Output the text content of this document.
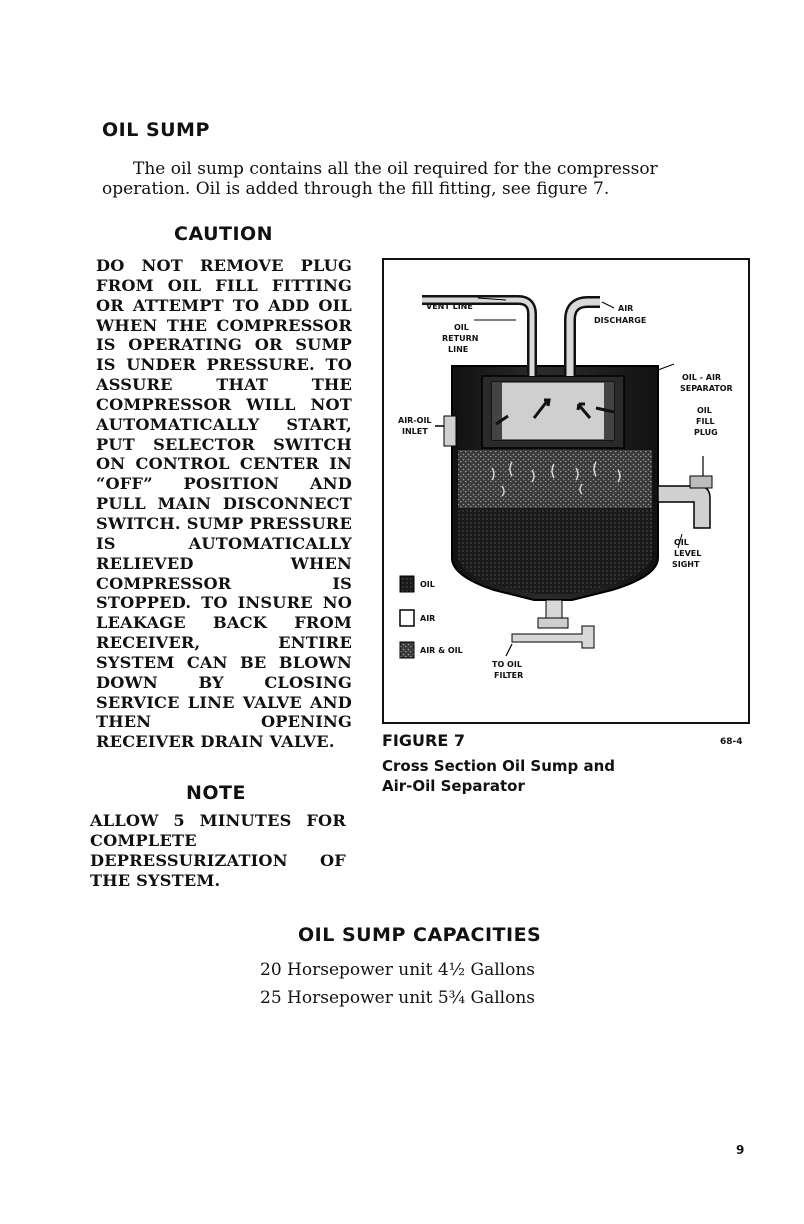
OIL SUMP
The oil sump contains all the oil required for the compressor
operation. Oil is added through the fill fitting, see figure 7.
CAUTION
DO NOT REMOVE PLUG FROM OIL FILL FITTING OR ATTEMPT TO ADD OIL WHEN THE COMPRESSOR IS OPERATING OR SUMP IS UNDER PRESSURE. TO ASSURE THAT THE COMPRESSOR WILL NOT AUTOMATICALLY START, PUT SELECTOR SWITCH ON CONTROL CENTER IN “OFF” POSITION AND PULL MAIN DISCONNECT SWITCH. SUMP PRESSURE IS AUTOMATICALLY RELIEVED WHEN COMPRESSOR IS STOPPED. TO INSURE NO LEAKAGE BACK FROM RECEIVER, ENTIRE SYSTEM CAN BE BLOWN DOWN BY CLOSING SERVICE LINE VALVE AND THEN OPENING RECEIVER DRAIN VALVE.
NOTE
ALLOW 5 MINUTES FOR COMPLETE DEPRESSURIZATION OF THE SYSTEM.
VENT LINE	AIR
DISCHARGE
OIL
RETURN
LINE
OIL - AIR
SEPARATOR
OIL
FILL
PLUG
AIR-OIL
INLET
OIL
LEVEL
SIGHT
TO OIL
FILTER
OIL
AIR
AIR & OIL
FIGURE 7	68-4
Cross Section Oil Sump and
Air-Oil Separator
OIL SUMP CAPACITIES
20 Horsepower unit 4½ Gallons
25 Horsepower unit 5¾ Gallons
9
